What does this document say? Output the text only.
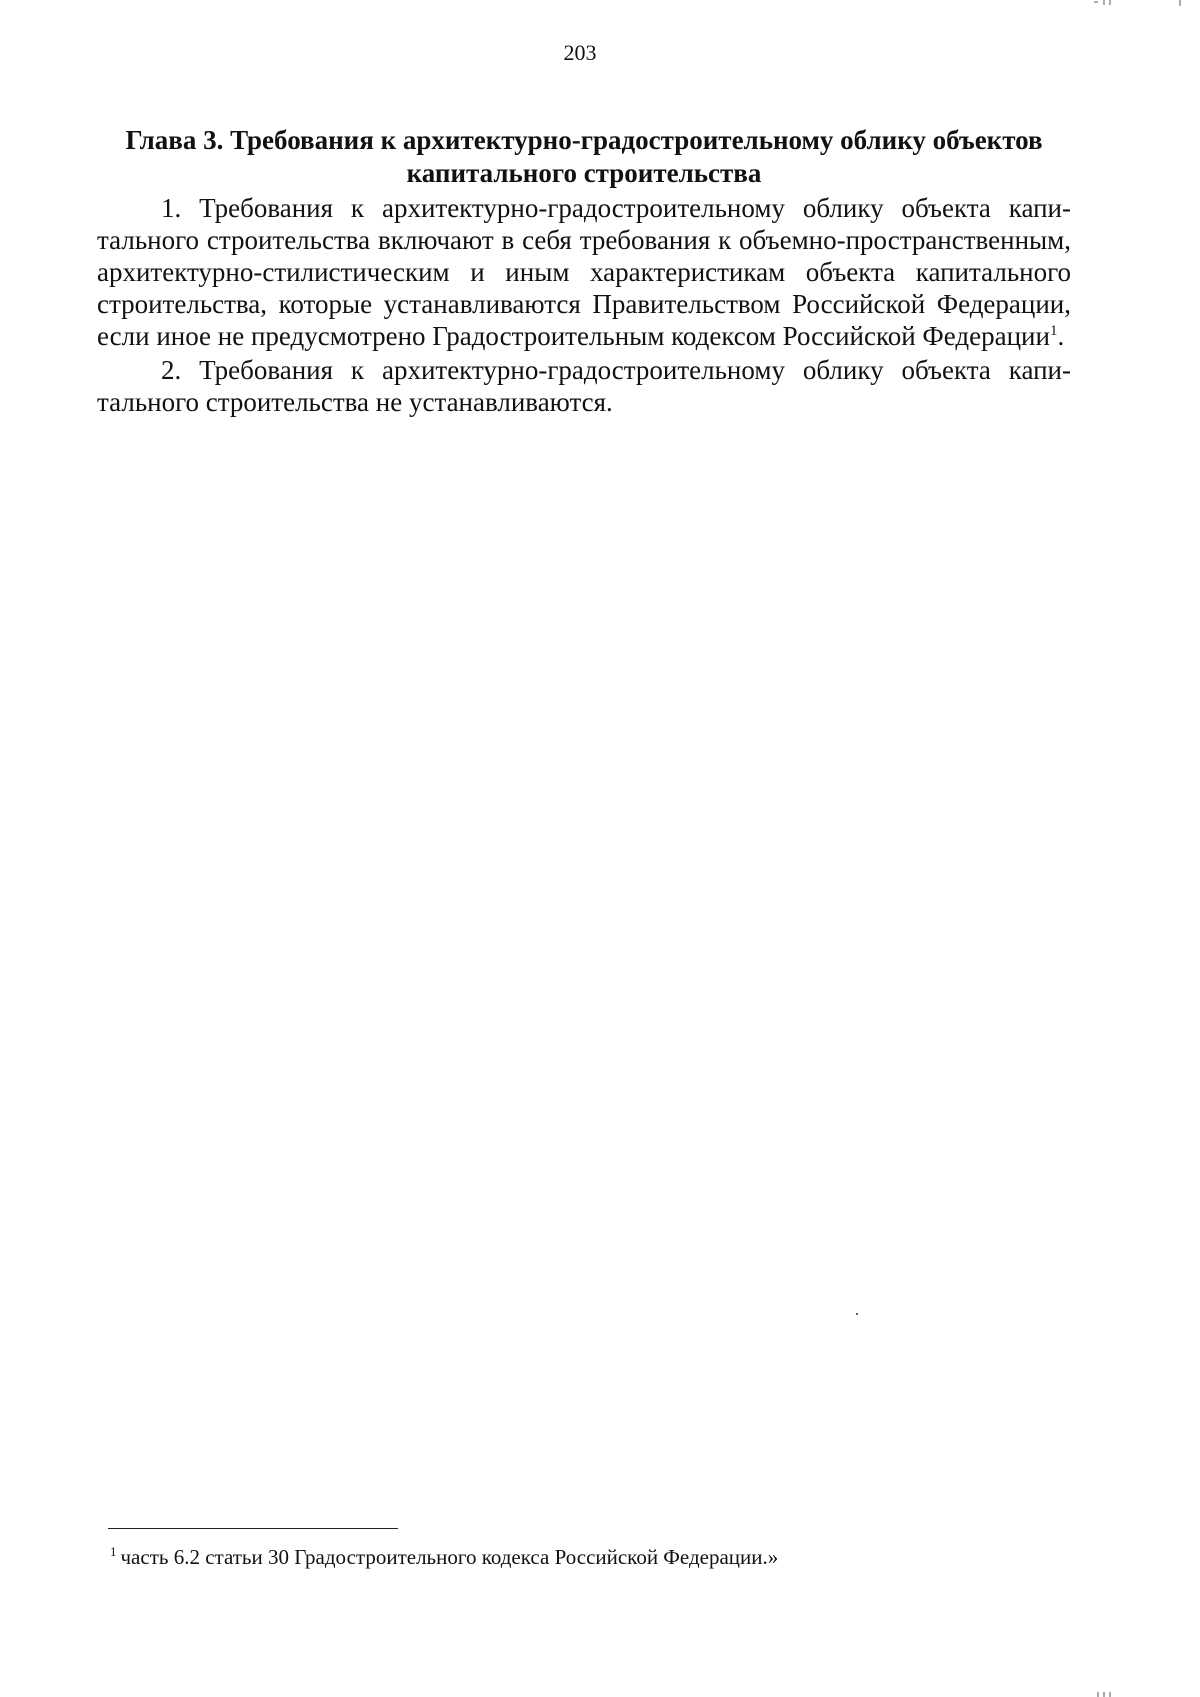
203
Глава 3. Требования к архитектурно-градостроительному облику объектов
капитального строительства

1. Требования к архитектурно-градостроительному облику объекта капитального строительства включают в себя требования к объемно-пространственным, архитектурно-стилистическим и иным характеристикам объекта капитального строительства, которые устанавливаются Правительством Российской Федерации, если иное не предусмотрено Градостроительным кодексом Российской Федерации$^1$.

2. Требования к архитектурно-градостроительному облику объекта капитального строительства не устанавливаются.

$^1$ часть 6.2 статьи 30 Градостроительного кодекса Российской Федерации.»
